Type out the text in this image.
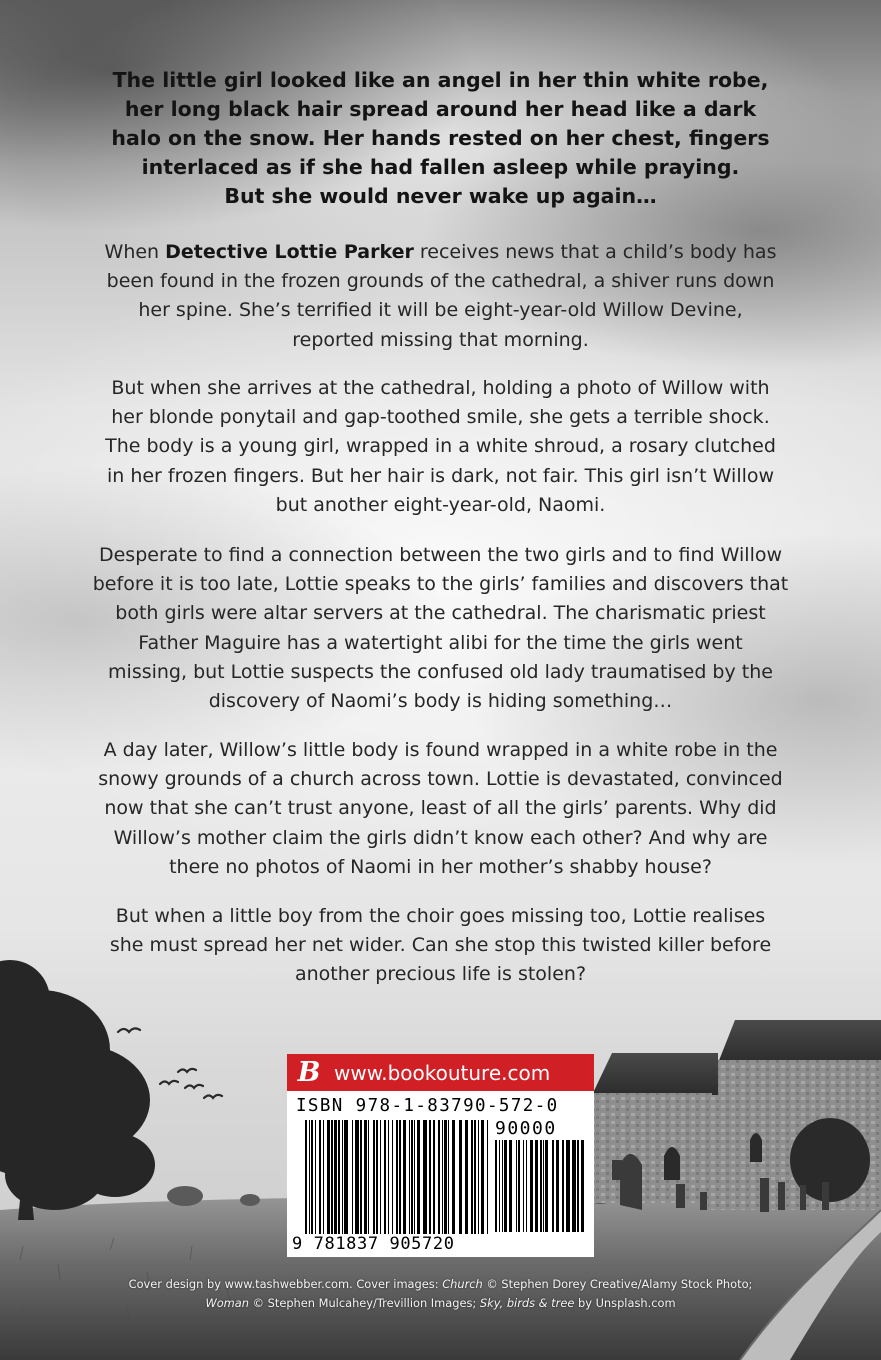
The little girl looked like an angel in her thin white robe,
her long black hair spread around her head like a dark
halo on the snow. Her hands rested on her chest, fingers
interlaced as if she had fallen asleep while praying.
But she would never wake up again…

When Detective Lottie Parker receives news that a child’s body has
been found in the frozen grounds of the cathedral, a shiver runs down
her spine. She’s terrified it will be eight-year-old Willow Devine,
reported missing that morning.

But when she arrives at the cathedral, holding a photo of Willow with
her blonde ponytail and gap-toothed smile, she gets a terrible shock.
The body is a young girl, wrapped in a white shroud, a rosary clutched
in her frozen fingers. But her hair is dark, not fair. This girl isn’t Willow
but another eight-year-old, Naomi.

Desperate to find a connection between the two girls and to find Willow
before it is too late, Lottie speaks to the girls’ families and discovers that
both girls were altar servers at the cathedral. The charismatic priest
Father Maguire has a watertight alibi for the time the girls went
missing, but Lottie suspects the confused old lady traumatised by the
discovery of Naomi’s body is hiding something…

A day later, Willow’s little body is found wrapped in a white robe in the
snowy grounds of a church across town. Lottie is devastated, convinced
now that she can’t trust anyone, least of all the girls’ parents. Why did
Willow’s mother claim the girls didn’t know each other? And why are
there no photos of Naomi in her mother’s shabby house?

But when a little boy from the choir goes missing too, Lottie realises
she must spread her net wider. Can she stop this twisted killer before
another precious life is stolen?

B www.bookouture.com
ISBN 978-1-83790-572-0
90000
9 781837 905720

Cover design by www.tashwebber.com. Cover images: Church © Stephen Dorey Creative/Alamy Stock Photo;
Woman © Stephen Mulcahey/Trevillion Images; Sky, birds & tree by Unsplash.com
